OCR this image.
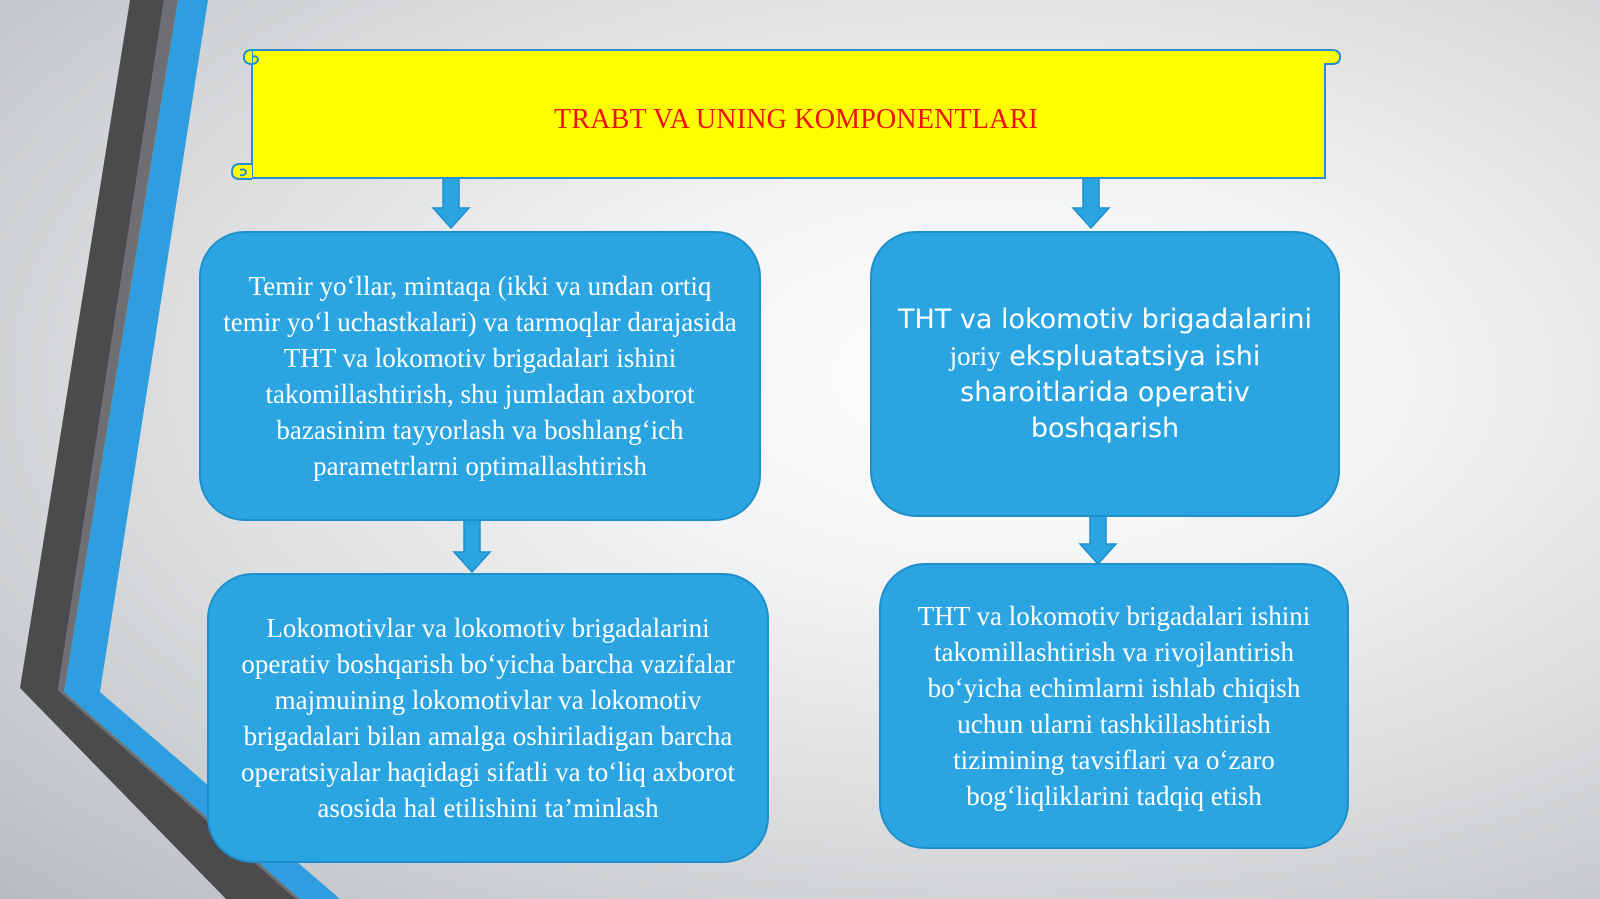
TRABT VA UNING KOMPONENTLARI
Temir yo‘llar, mintaqa (ikki va undan ortiq temir yo‘l uchastkalari) va tarmoqlar darajasida THT va lokomotiv brigadalari ishini takomillashtirish, shu jumladan axborot bazasinim tayyorlash va boshlang‘ich parametrlarni optimallashtirish
THT va lokomotiv brigadalarini joriy ekspluatatsiya ishi sharoitlarida operativ boshqarish
Lokomotivlar va lokomotiv brigadalarini operativ boshqarish bo‘yicha barcha vazifalar majmuining lokomotivlar va lokomotiv brigadalari bilan amalga oshiriladigan barcha operatsiyalar haqidagi sifatli va to‘liq axborot asosida hal etilishini ta’minlash
THT va lokomotiv brigadalari ishini takomillashtirish va rivojlantirish bo‘yicha echimlarni ishlab chiqish uchun ularni tashkillashtirish tizimining tavsiflari va o‘zaro bog‘liqliklarini tadqiq etish
